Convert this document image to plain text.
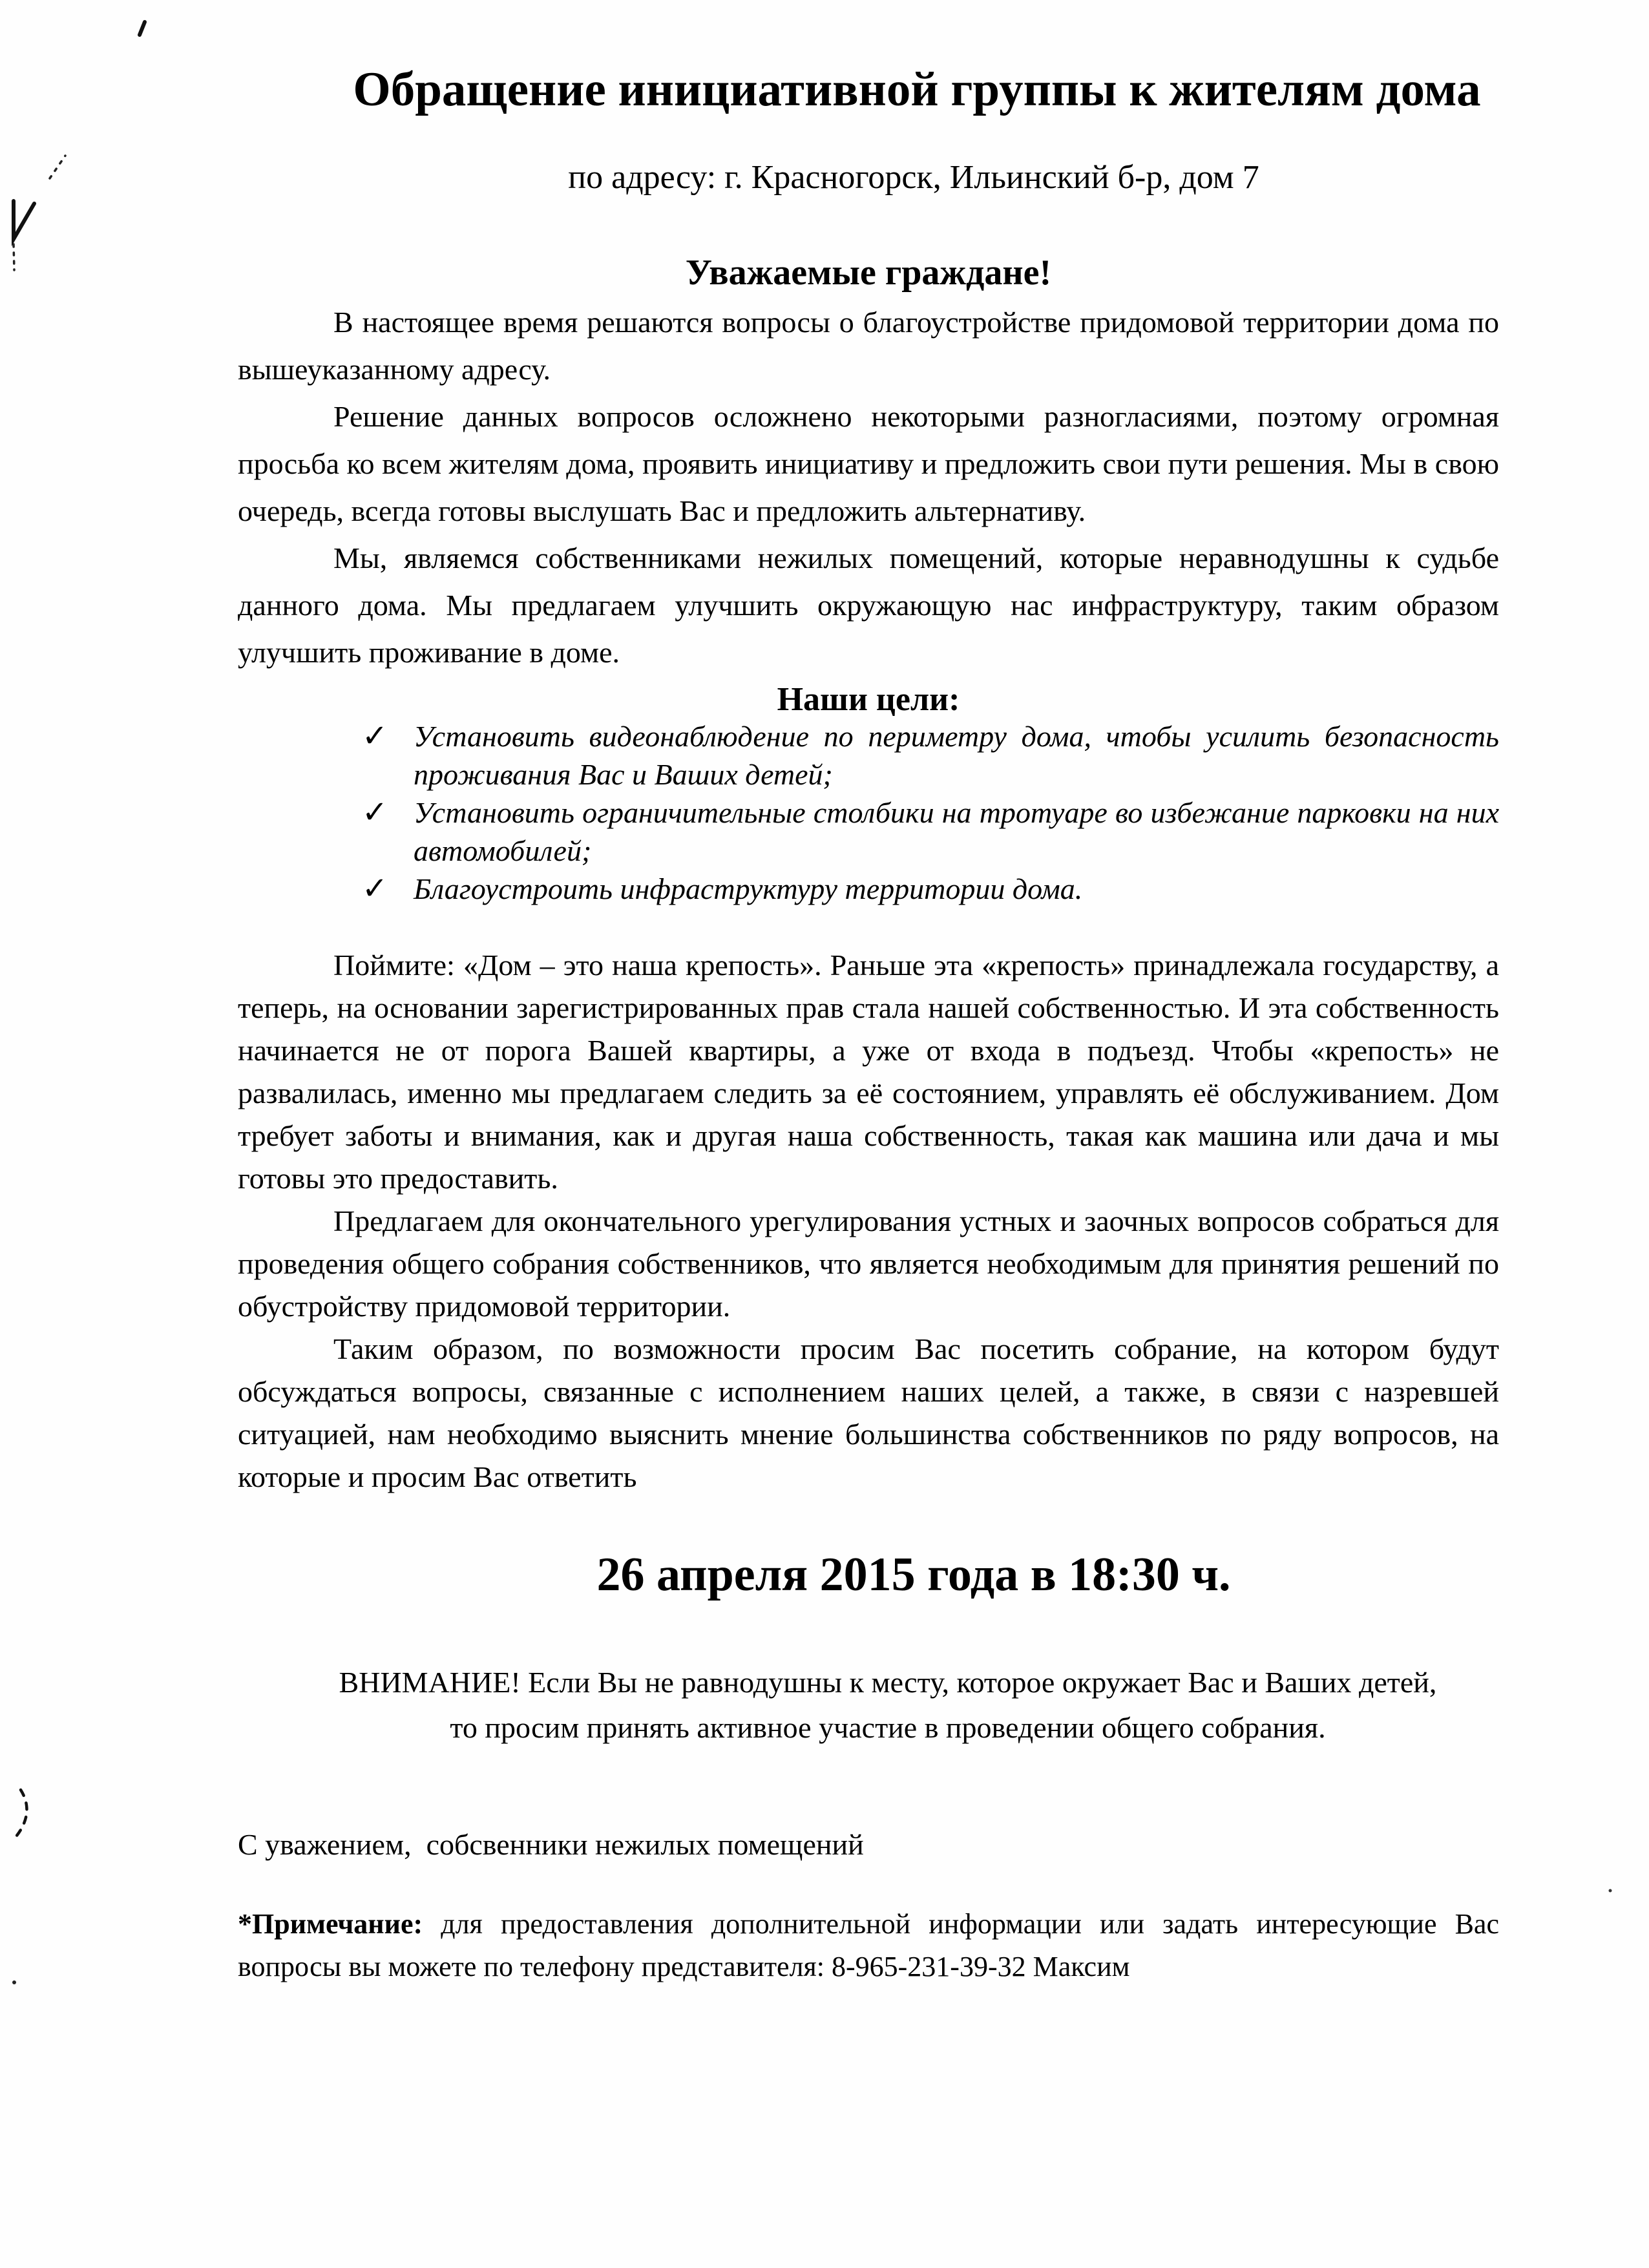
Обращение инициативной группы к жителям дома
по адресу: г. Красногорск, Ильинский б-р, дом 7
Уважаемые граждане!

В настоящее время решаются вопросы о благоустройстве придомовой территории дома по вышеуказанному адресу.

Решение данных вопросов осложнено некоторыми разногласиями, поэтому огромная просьба ко всем жителям дома, проявить инициативу и предложить свои пути решения. Мы в свою очередь, всегда готовы выслушать Вас и предложить альтернативу.

Мы, являемся собственниками нежилых помещений, которые неравнодушны к судьбе данного дома. Мы предлагаем улучшить окружающую нас инфраструктуру, таким образом улучшить проживание в доме.

Наши цели:
✓ Установить видеонаблюдение по периметру дома, чтобы усилить безопасность проживания Вас и Ваших детей;
✓ Установить ограничительные столбики на тротуаре во избежание парковки на них автомобилей;
✓ Благоустроить инфраструктуру территории дома.

Поймите: «Дом – это наша крепость». Раньше эта «крепость» принадлежала государству, а теперь, на основании зарегистрированных прав стала нашей собственностью. И эта собственность начинается не от порога Вашей квартиры, а уже от входа в подъезд. Чтобы «крепость» не развалилась, именно мы предлагаем следить за её состоянием, управлять её обслуживанием. Дом требует заботы и внимания, как и другая наша собственность, такая как машина или дача и мы готовы это предоставить.

Предлагаем для окончательного урегулирования устных и заочных вопросов собраться для проведения общего собрания собственников, что является необходимым для принятия решений по обустройству придомовой территории.

Таким образом, по возможности просим Вас посетить собрание, на котором будут обсуждаться вопросы, связанные с исполнением наших целей, а также, в связи с назревшей ситуацией, нам необходимо выяснить мнение большинства собственников по ряду вопросов, на которые и просим Вас ответить

26 апреля 2015 года в 18:30 ч.

ВНИМАНИЕ! Если Вы не равнодушны к месту, которое окружает Вас и Ваших детей, то просим принять активное участие в проведении общего собрания.

С уважением,  собсвенники нежилых помещений

*Примечание: для предоставления дополнительной информации или задать интересующие Вас вопросы вы можете по телефону представителя: 8-965-231-39-32 Максим
